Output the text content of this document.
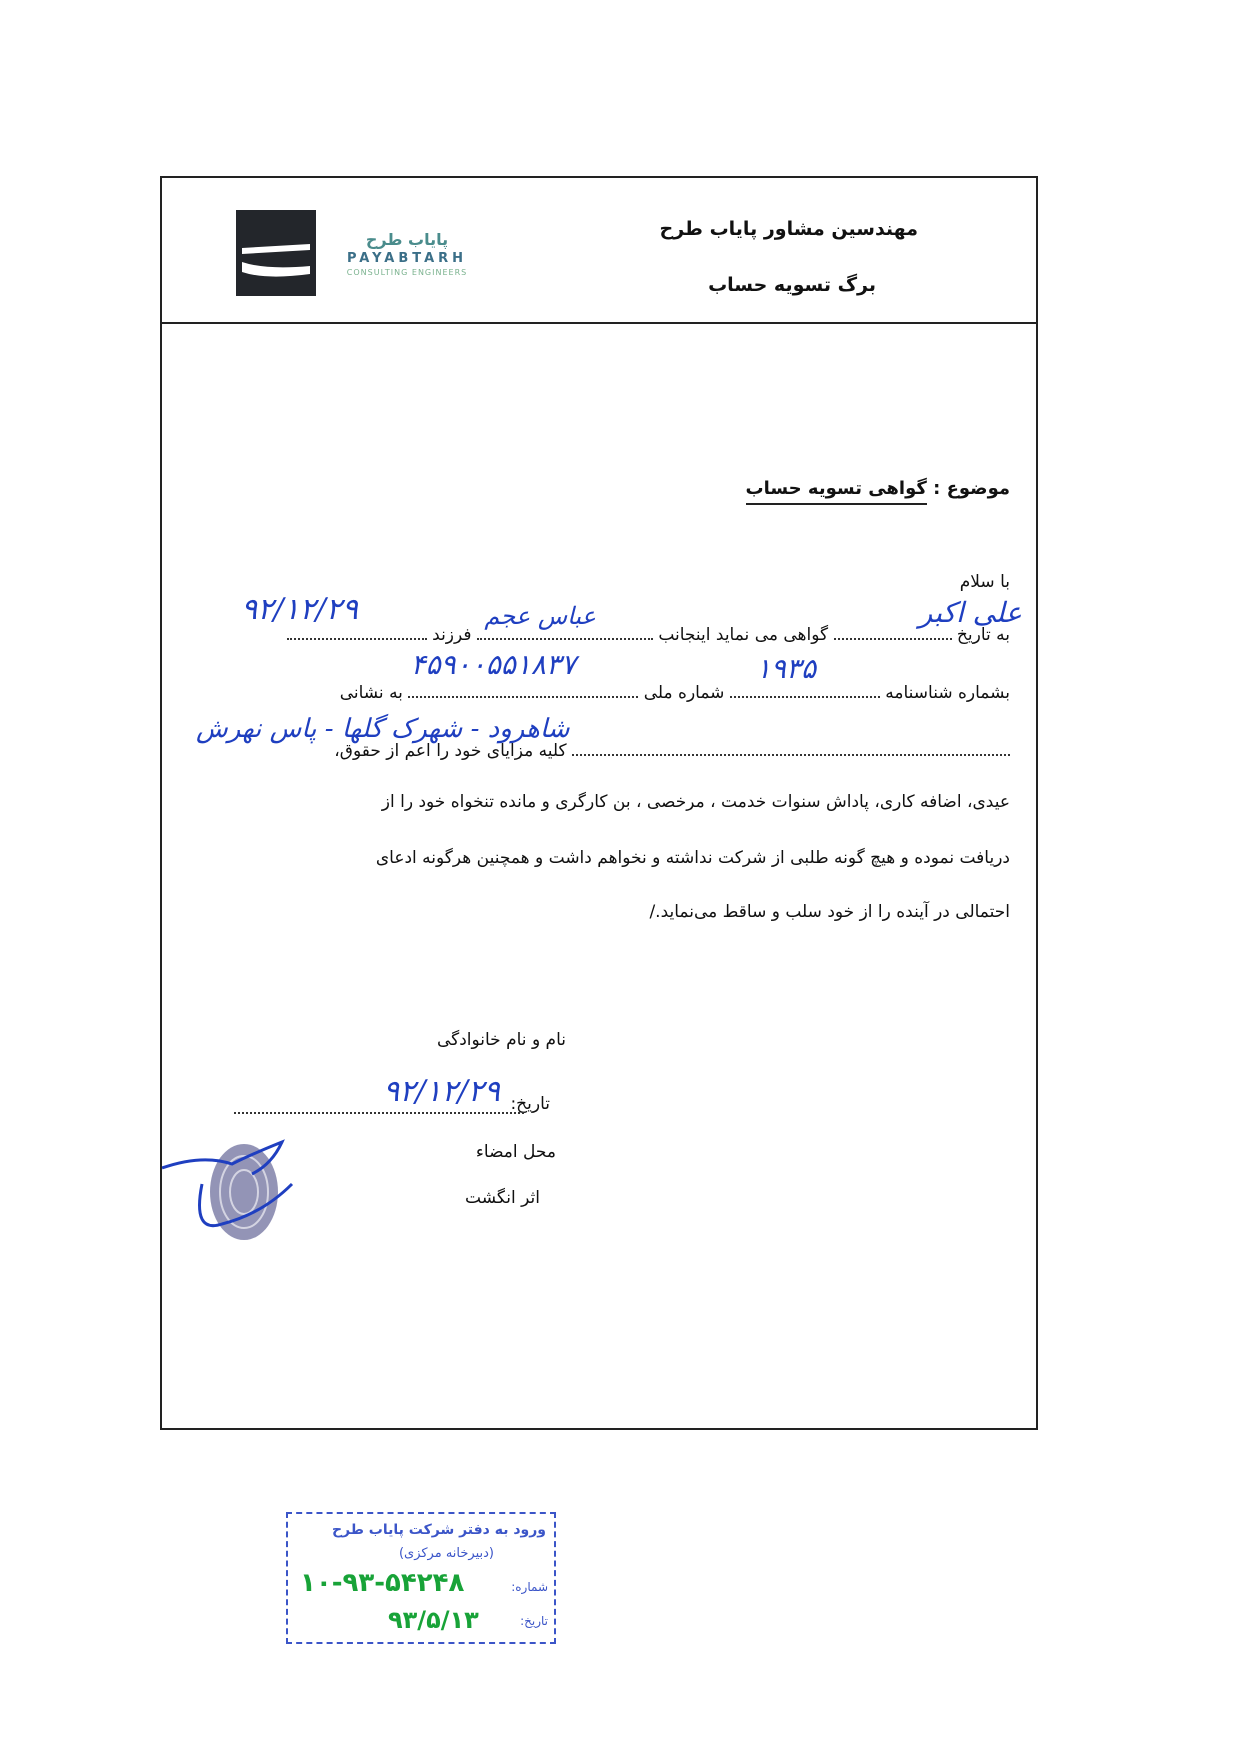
پایاب طرح
PAYABTARH
CONSULTING ENGINEERS
مهندسین مشاور پایاب طرح
برگ تسویه حساب
موضوع : گواهی تسویه حساب
با سلام
به تاریخ  گواهی می نماید اینجانب  فرزند
۹۲/۱۲/۲۹	عباس عجم	علی اکبر
بشماره شناسنامه  شماره ملی  به نشانی
۱۹۳۵
۴۵۹۰۰۵۵۱۸۳۷
کلیه مزایای خود را اعم از حقوق،
شاهرود - شهرک گلها - پاس نهرش
عیدی، اضافه کاری، پاداش سنوات خدمت ، مرخصی ، بن کارگری و مانده تنخواه خود را از
دریافت نموده و هیچ گونه طلبی از شرکت نداشته و نخواهم داشت و همچنین هرگونه ادعای
احتمالی در آینده را از خود سلب و ساقط می‌نماید./
نام و نام خانوادگی
تاریخ:
۹۲/۱۲/۲۹
محل امضاء
اثر انگشت
ورود به دفتر شرکت پایاب طرح
(دبیرخانه مرکزی)
شماره:
۱۰-۹۳-۵۴۲۴۸
تاریخ:
۹۳/۵/۱۳
